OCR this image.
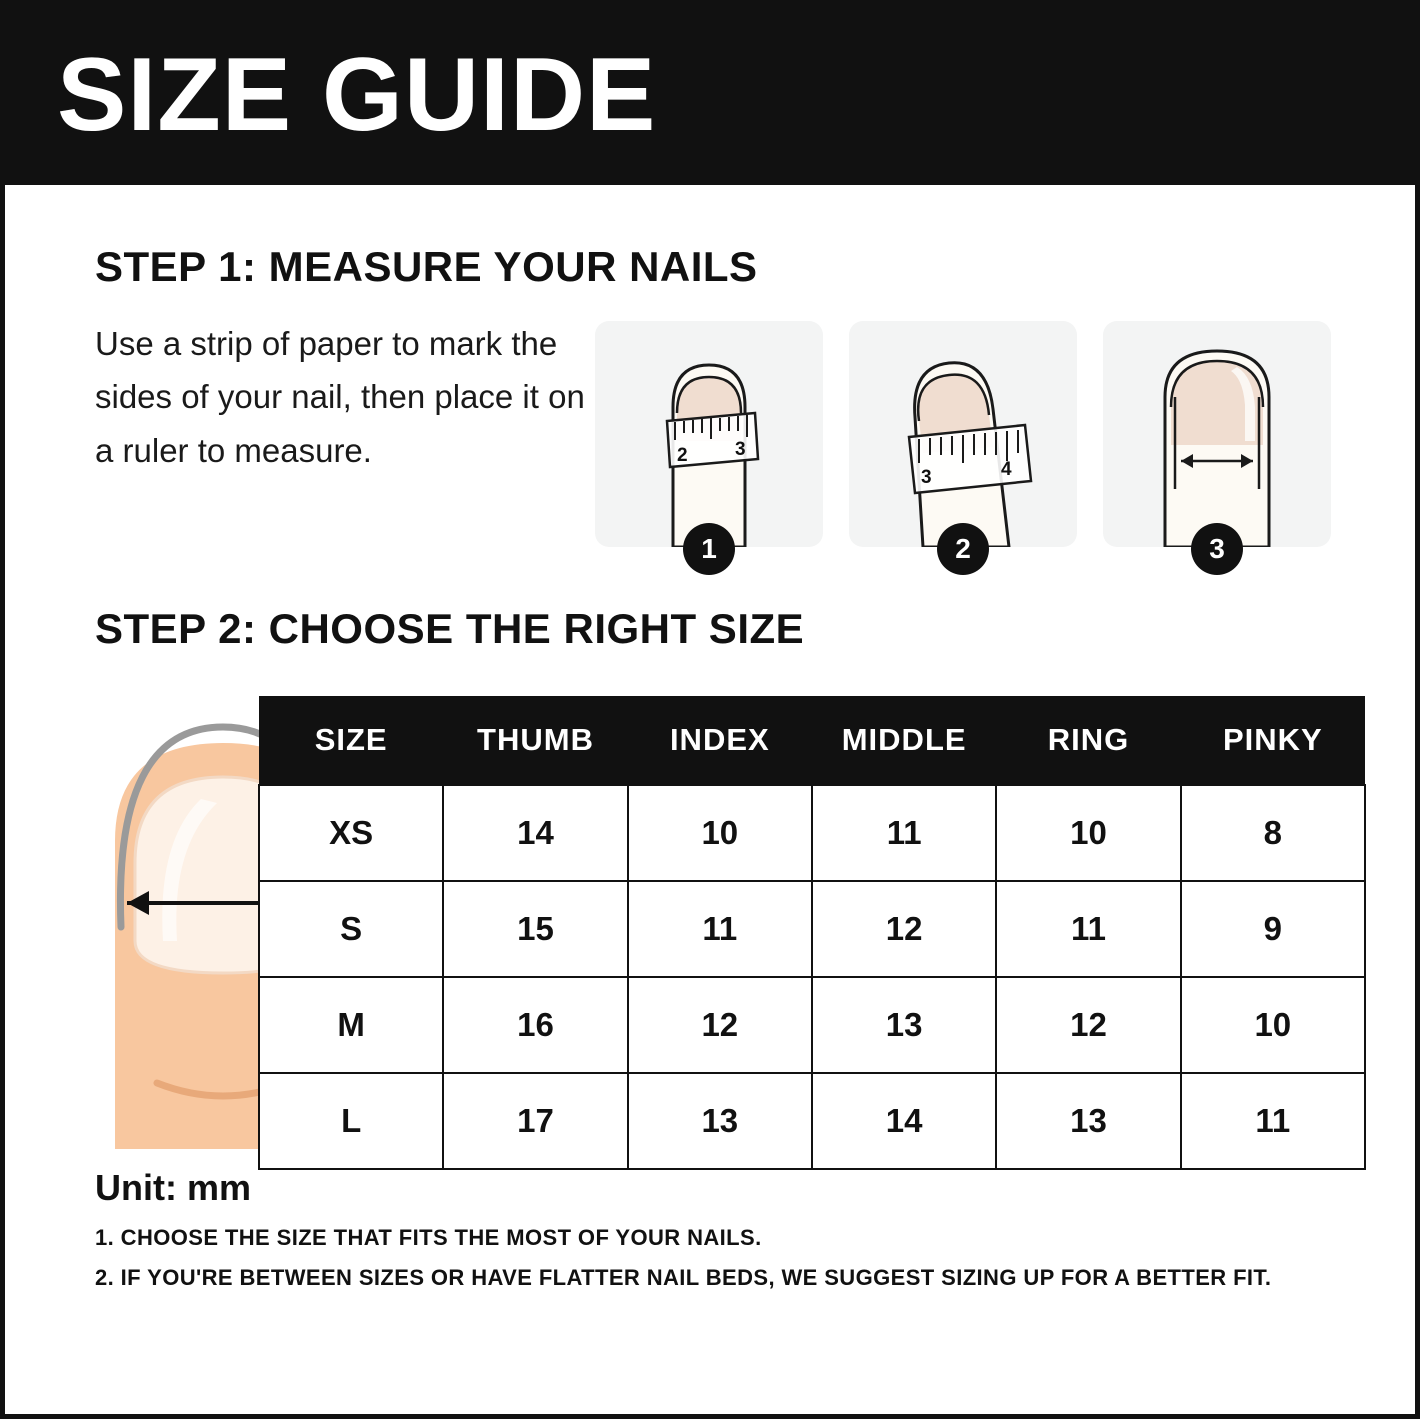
SIZE GUIDE
STEP 1: MEASURE YOUR NAILS
Use a strip of paper to mark the sides of your nail, then place it on a ruler to measure.	2 3
1
3	4
2	3
STEP 2: CHOOSE THE RIGHT SIZE
SIZE	THUMB	INDEX	MIDDLE	RING	PINKY
XS	14	10	11	10	8
S	15	11	12	11	9
M	16	12	13	12	10
L	17	13	14	13	11
Unit: mm
1. CHOOSE THE SIZE THAT FITS THE MOST OF YOUR NAILS.
2. IF YOU'RE BETWEEN SIZES OR HAVE FLATTER NAIL BEDS, WE SUGGEST SIZING UP FOR A BETTER FIT.
